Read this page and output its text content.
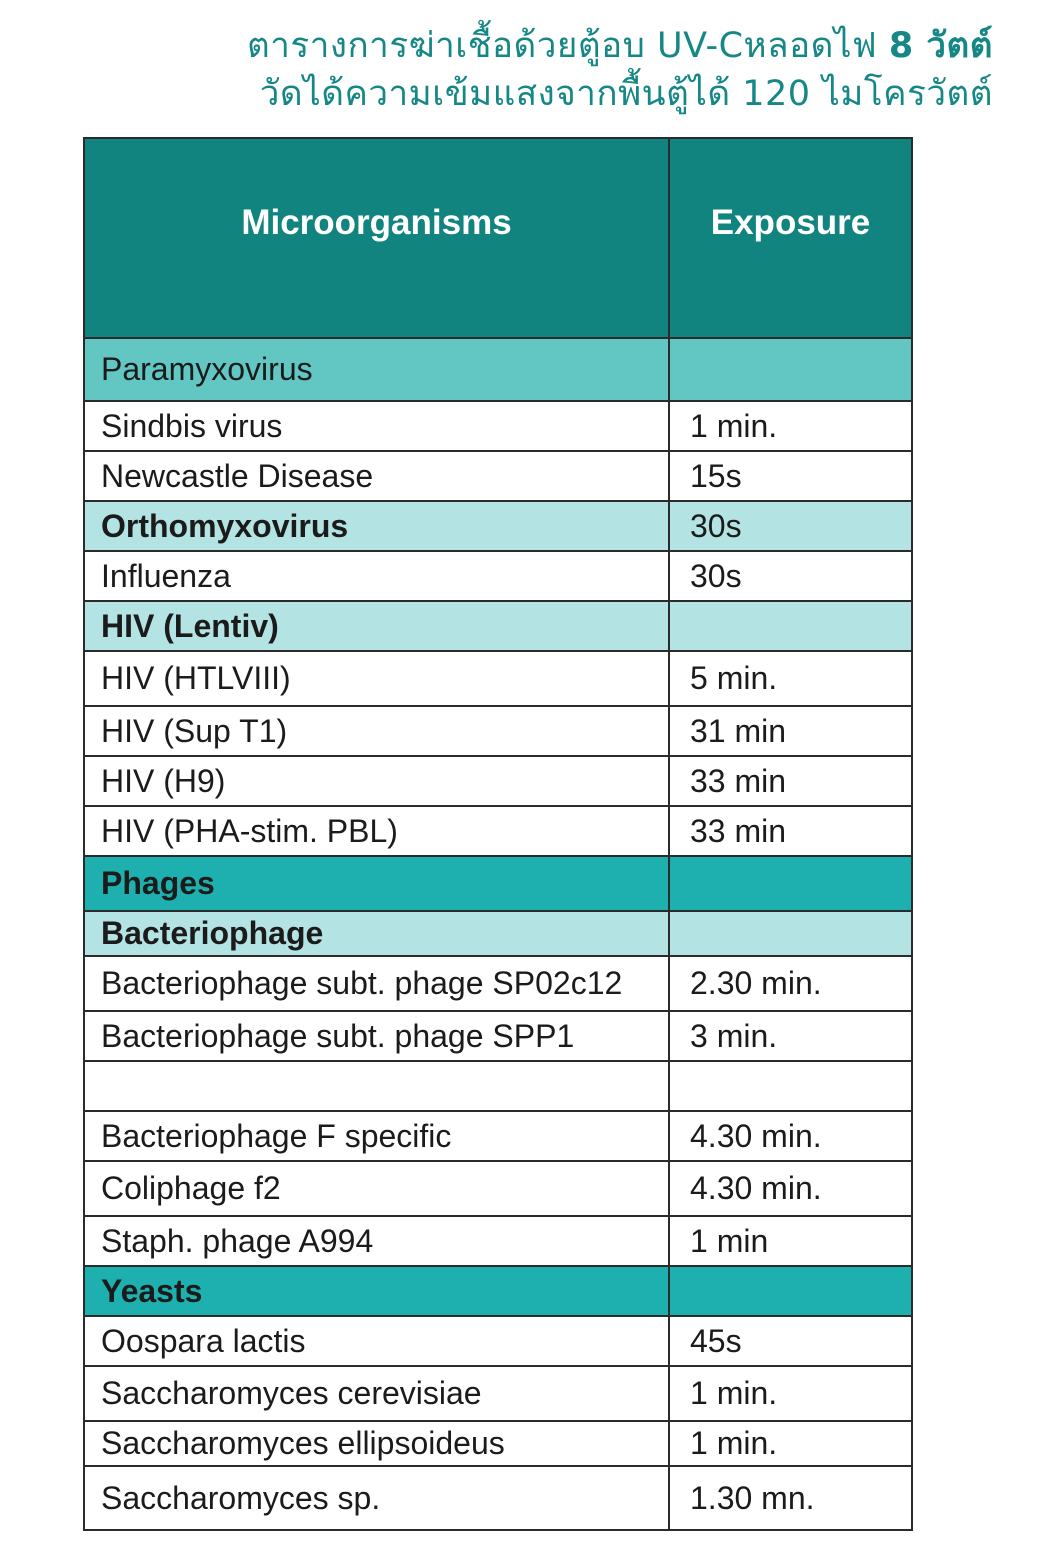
ตารางการฆ่าเชื้อด้วยตู้อบ UV-Cหลอดไฟ 8 วัตต์
วัดได้ความเข้มแสงจากพื้นตู้ได้ 120 ไมโครวัตต์
Microorganisms	Exposure
Paramyxovirus	
Sindbis virus	1 min.
Newcastle Disease	15s
Orthomyxovirus	30s
Influenza	30s
HIV (Lentiv)	
HIV (HTLVIII)	5 min.
HIV (Sup T1)	31 min
HIV (H9)	33 min
HIV (PHA-stim. PBL)	33 min
Phages	
Bacteriophage	
Bacteriophage subt. phage SP02c12	2.30 min.
Bacteriophage subt. phage SPP1	3 min.

Bacteriophage F specific	4.30 min.
Coliphage f2	4.30 min.
Staph. phage A994	1 min
Yeasts	
Oospara lactis	45s
Saccharomyces cerevisiae	1 min.
Saccharomyces ellipsoideus	1 min.
Saccharomyces sp.	1.30 mn.
